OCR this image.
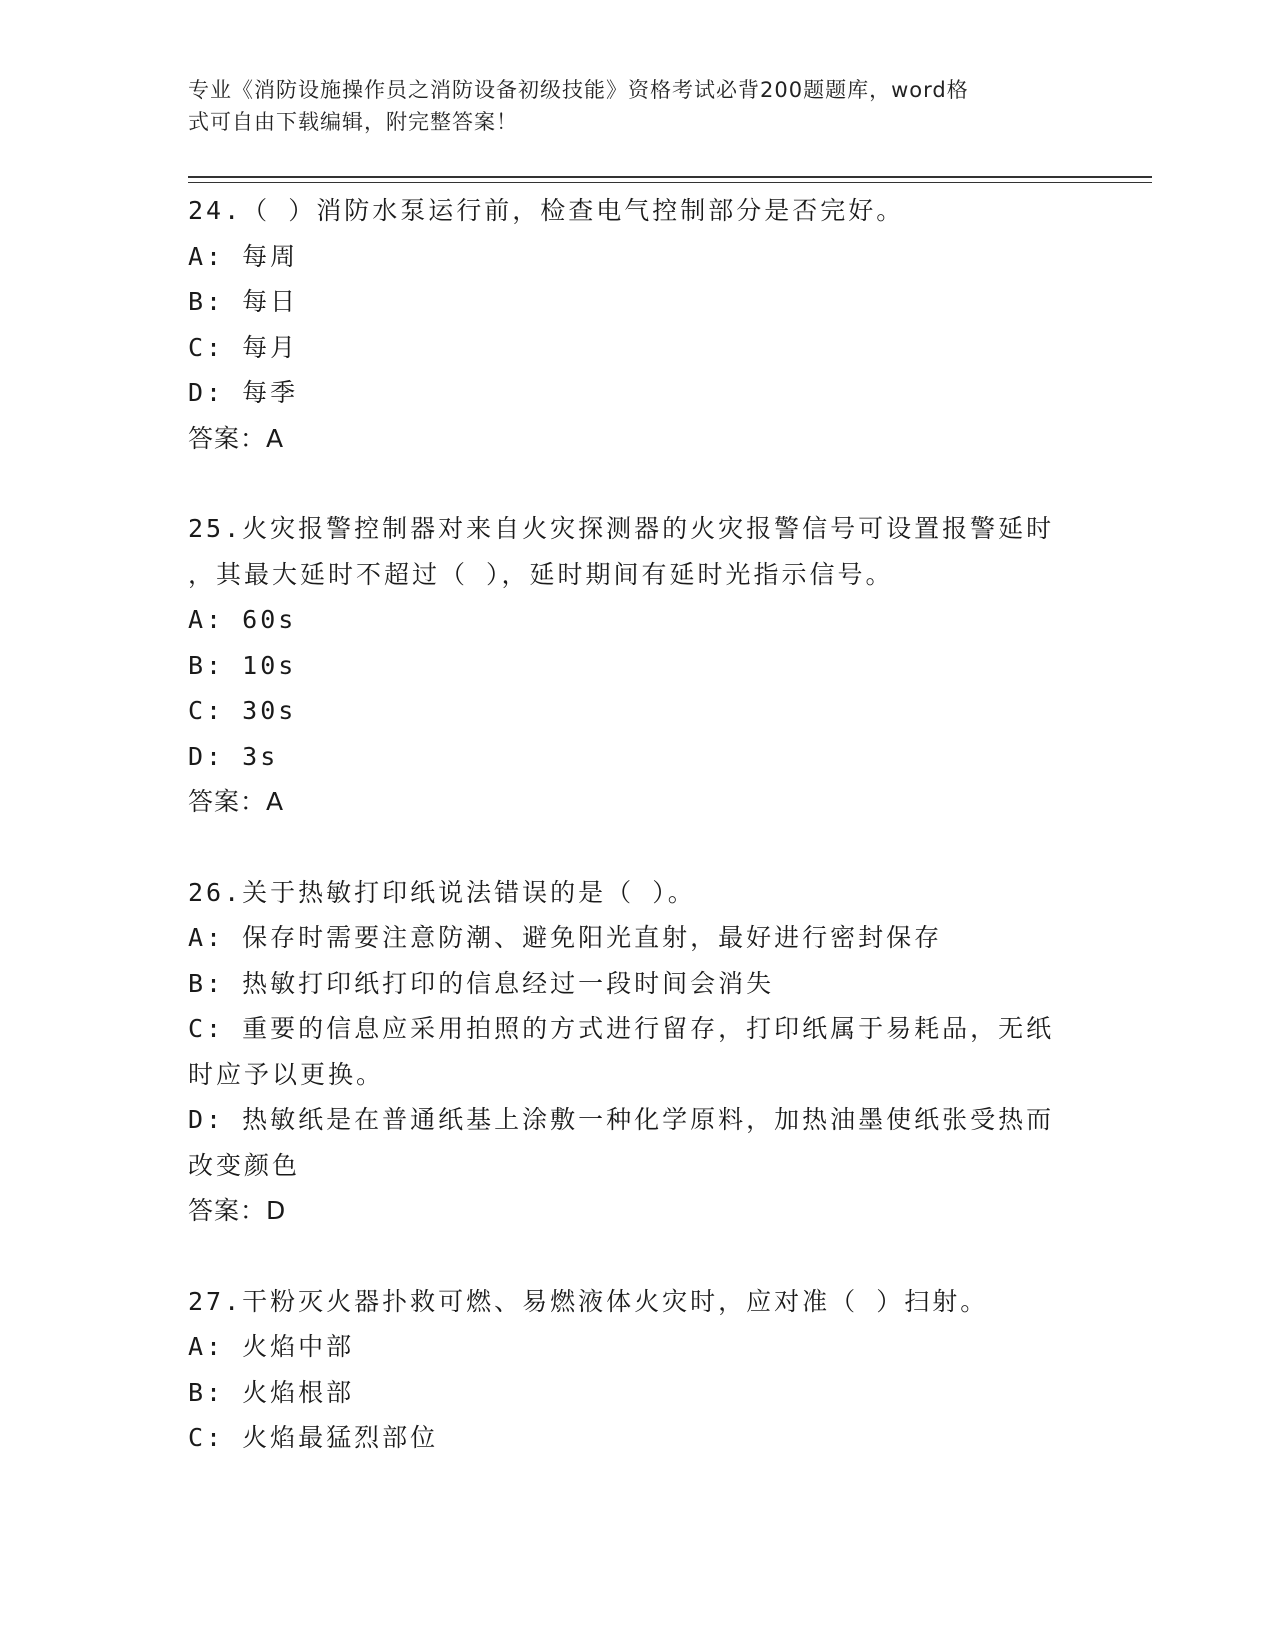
专业《消防设施操作员之消防设备初级技能》资格考试必背200题题库，word格
式可自由下载编辑，附完整答案！
24.（ ）消防水泵运行前，检查电气控制部分是否完好。
A: 每周
B: 每日
C: 每月
D: 每季
答案：A
25.火灾报警控制器对来自火灾探测器的火灾报警信号可设置报警延时
，其最大延时不超过（ ），延时期间有延时光指示信号。
A: 60s
B: 10s
C: 30s
D: 3s
答案：A
26.关于热敏打印纸说法错误的是（ ）。
A: 保存时需要注意防潮、避免阳光直射，最好进行密封保存
B: 热敏打印纸打印的信息经过一段时间会消失
C: 重要的信息应采用拍照的方式进行留存，打印纸属于易耗品，无纸
时应予以更换。
D: 热敏纸是在普通纸基上涂敷一种化学原料，加热油墨使纸张受热而
改变颜色
答案：D
27.干粉灭火器扑救可燃、易燃液体火灾时，应对准（ ）扫射。
A: 火焰中部
B: 火焰根部
C: 火焰最猛烈部位
